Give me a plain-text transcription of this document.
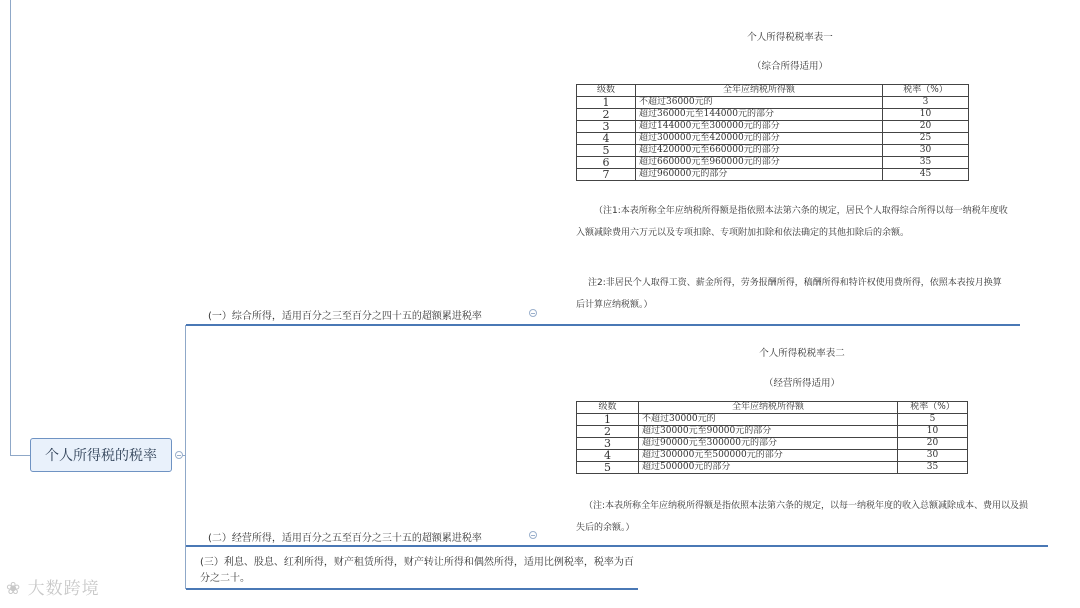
个人所得税的税率
(一）综合所得，适用百分之三至百分之四十五的超额累进税率
(二）经营所得，适用百分之五至百分之三十五的超额累进税率
(三）利息、股息、红利所得，财产租赁所得，财产转让所得和偶然所得，适用比例税率，税率为百分之二十。
个人所得税税率表一
（综合所得适用）
级数	全年应纳税所得额	税率（%）
1	不超过36000元的	3
2	超过36000元至144000元的部分	10
3	超过144000元至300000元的部分	20
4	超过300000元至420000元的部分	25
5	超过420000元至660000元的部分	30
6	超过660000元至960000元的部分	35
7	超过960000元的部分	45
（注1:本表所称全年应纳税所得额是指依照本法第六条的规定，居民个人取得综合所得以每一纳税年度收入额减除费用六万元以及专项扣除、专项附加扣除和依法确定的其他扣除后的余额。
注2:非居民个人取得工资、薪金所得，劳务报酬所得，稿酬所得和特许权使用费所得，依照本表按月换算后计算应纳税额。）
个人所得税税率表二
（经营所得适用）
级数	全年应纳税所得额	税率（%）
1	不超过30000元的	5
2	超过30000元至90000元的部分	10
3	超过90000元至300000元的部分	20
4	超过300000元至500000元的部分	30
5	超过500000元的部分	35
（注:本表所称全年应纳税所得额是指依照本法第六条的规定，以每一纳税年度的收入总额减除成本、费用以及损失后的余额。）
❀ 大数跨境
